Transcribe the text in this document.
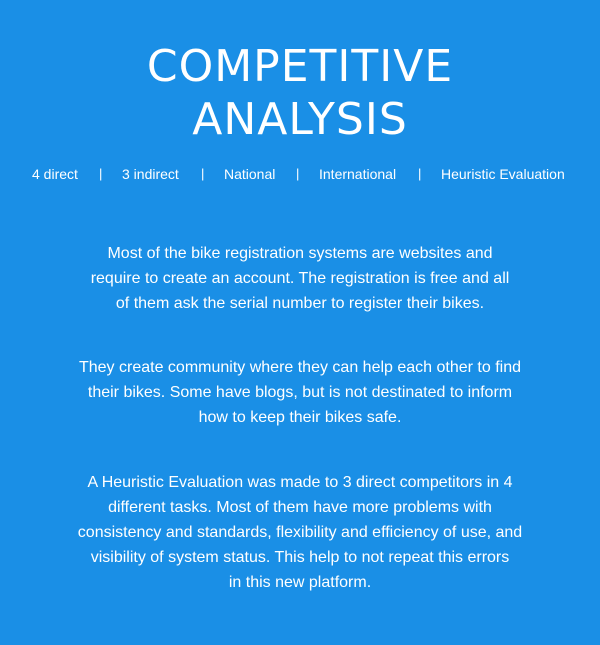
COMPETITIVE
ANALYSIS
4 direct | 3 indirect | National | International | Heuristic Evaluation

Most of the bike registration systems are websites and
require to create an account. The registration is free and all
of them ask the serial number to register their bikes.

They create community where they can help each other to find
their bikes. Some have blogs, but is not destinated to inform
how to keep their bikes safe.

A Heuristic Evaluation was made to 3 direct competitors in 4
different tasks. Most of them have more problems with
consistency and standards, flexibility and efficiency of use, and
visibility of system status. This help to not repeat this errors
in this new platform.
